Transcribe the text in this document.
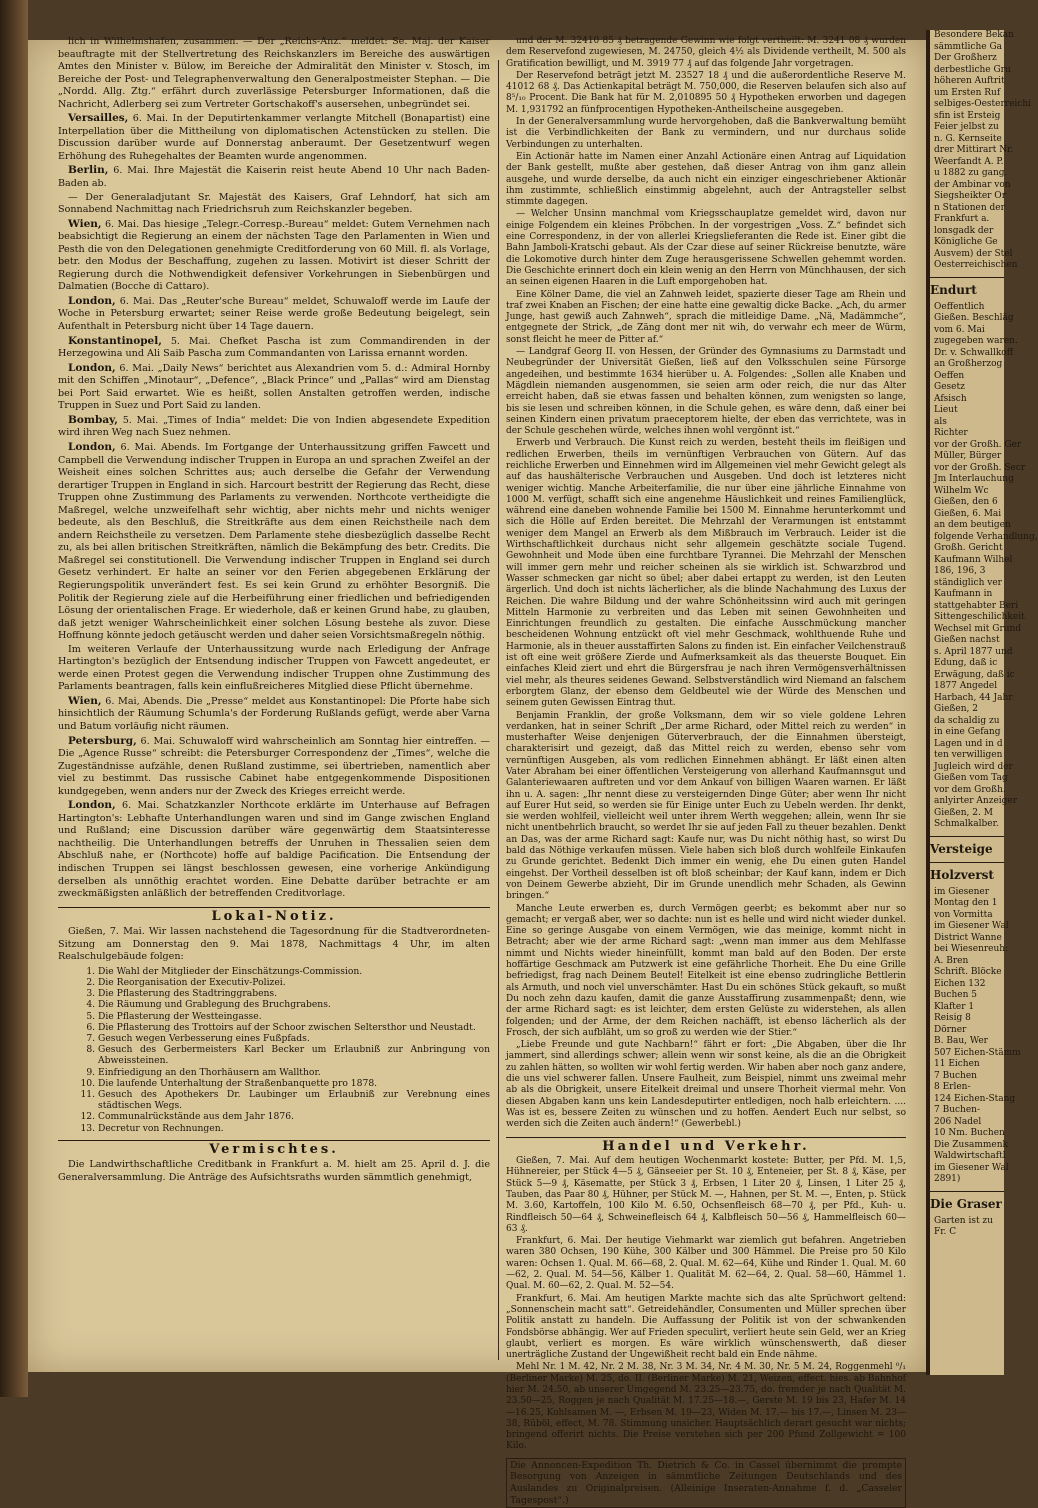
lich in Wilhelmshafen, zusammen. — Der „Reichs-Anz.“ meldet: Se. Maj. der Kaiser beauftragte mit der Stellvertretung des Reichskanzlers im Bereiche des auswärtigen Amtes den Minister v. Bülow, im Bereiche der Admiralität den Minister v. Stosch, im Bereiche der Post- und Telegraphenverwaltung den Generalpostmeister Stephan. — Die „Nordd. Allg. Ztg.“ erfährt durch zuverlässige Petersburger Informationen, daß die Nachricht, Adlerberg sei zum Vertreter Gortschakoff's ausersehen, unbegründet sei.

Versailles, 6. Mai. In der Deputirtenkammer verlangte Mitchell (Bonapartist) eine Interpellation über die Mittheilung von diplomatischen Actenstücken zu stellen. Die Discussion darüber wurde auf Donnerstag anberaumt. Der Gesetzentwurf wegen Erhöhung des Ruhegehaltes der Beamten wurde angenommen.

Berlin, 6. Mai. Ihre Majestät die Kaiserin reist heute Abend 10 Uhr nach Baden-Baden ab.

— Der Generaladjutant Sr. Majestät des Kaisers, Graf Lehndorf, hat sich am Sonnabend Nachmittag nach Friedrichsruh zum Reichskanzler begeben.

Wien, 6. Mai. Das hiesige „Telegr.-Corresp.-Bureau“ meldet: Gutem Vernehmen nach beabsichtigt die Regierung an einem der nächsten Tage den Parlamenten in Wien und Pesth die von den Delegationen genehmigte Creditforderung von 60 Mill. fl. als Vorlage, betr. den Modus der Beschaffung, zugehen zu lassen. Motivirt ist dieser Schritt der Regierung durch die Nothwendigkeit defensiver Vorkehrungen in Siebenbürgen und Dalmatien (Bocche di Cattaro).

London, 6. Mai. Das „Reuter'sche Bureau“ meldet, Schuwaloff werde im Laufe der Woche in Petersburg erwartet; seiner Reise werde große Bedeutung beigelegt, sein Aufenthalt in Petersburg nicht über 14 Tage dauern.

Konstantinopel, 5. Mai. Chefket Pascha ist zum Commandirenden in der Herzegowina und Ali Saib Pascha zum Commandanten von Larissa ernannt worden.

London, 6. Mai. „Daily News“ berichtet aus Alexandrien vom 5. d.: Admiral Hornby mit den Schiffen „Minotaur“, „Defence“, „Black Prince“ und „Pallas“ wird am Dienstag bei Port Said erwartet. Wie es heißt, sollen Anstalten getroffen werden, indische Truppen in Suez und Port Said zu landen.

Bombay, 5. Mai. „Times of India“ meldet: Die von Indien abgesendete Expedition wird ihren Weg nach Suez nehmen.

London, 6. Mai. Abends. Im Fortgange der Unterhaussitzung griffen Fawcett und Campbell die Verwendung indischer Truppen in Europa an und sprachen Zweifel an der Weisheit eines solchen Schrittes aus; auch derselbe die Gefahr der Verwendung derartiger Truppen in England in sich. Harcourt bestritt der Regierung das Recht, diese Truppen ohne Zustimmung des Parlaments zu verwenden. Northcote vertheidigte die Maßregel, welche unzweifelhaft sehr wichtig, aber nichts mehr und nichts weniger bedeute, als den Beschluß, die Streitkräfte aus dem einen Reichstheile nach dem andern Reichstheile zu versetzen. Dem Parlamente stehe diesbezüglich dasselbe Recht zu, als bei allen britischen Streitkräften, nämlich die Bekämpfung des betr. Credits. Die Maßregel sei constitutionell. Die Verwendung indischer Truppen in England sei durch Gesetz verhindert. Er halte an seiner vor den Ferien abgegebenen Erklärung der Regierungspolitik unverändert fest. Es sei kein Grund zu erhöhter Besorgniß. Die Politik der Regierung ziele auf die Herbeiführung einer friedlichen und befriedigenden Lösung der orientalischen Frage. Er wiederhole, daß er keinen Grund habe, zu glauben, daß jetzt weniger Wahrscheinlichkeit einer solchen Lösung bestehe als zuvor. Diese Hoffnung könnte jedoch getäuscht werden und daher seien Vorsichtsmaßregeln nöthig.

Im weiteren Verlaufe der Unterhaussitzung wurde nach Erledigung der Anfrage Hartington's bezüglich der Entsendung indischer Truppen von Fawcett angedeutet, er werde einen Protest gegen die Verwendung indischer Truppen ohne Zustimmung des Parlaments beantragen, falls kein einflußreicheres Mitglied diese Pflicht übernehme.

Wien, 6. Mai, Abends. Die „Presse“ meldet aus Konstantinopel: Die Pforte habe sich hinsichtlich der Räumung Schumla's der Forderung Rußlands gefügt, werde aber Varna und Batum vorläufig nicht räumen.

Petersburg, 6. Mai. Schuwaloff wird wahrscheinlich am Sonntag hier eintreffen. — Die „Agence Russe“ schreibt: die Petersburger Correspondenz der „Times“, welche die Zugeständnisse aufzähle, denen Rußland zustimme, sei übertrieben, namentlich aber viel zu bestimmt. Das russische Cabinet habe entgegenkommende Dispositionen kundgegeben, wenn anders nur der Zweck des Krieges erreicht werde.

London, 6. Mai. Schatzkanzler Northcote erklärte im Unterhause auf Befragen Hartington's: Lebhafte Unterhandlungen waren und sind im Gange zwischen England und Rußland; eine Discussion darüber wäre gegenwärtig dem Staatsinteresse nachtheilig. Die Unterhandlungen betreffs der Unruhen in Thessalien seien dem Abschluß nahe, er (Northcote) hoffe auf baldige Pacification. Die Entsendung der indischen Truppen sei längst beschlossen gewesen, eine vorherige Ankündigung derselben als unnöthig erachtet worden. Eine Debatte darüber betrachte er am zweckmäßigsten anläßlich der betreffenden Creditvorlage.

Lokal-Notiz.

Gießen, 7. Mai. Wir lassen nachstehend die Tagesordnung für die Stadtverordneten-Sitzung am Donnerstag den 9. Mai 1878, Nachmittags 4 Uhr, im alten Realschulgebäude folgen:

1. Die Wahl der Mitglieder der Einschätzungs-Commission.
2. Die Reorganisation der Executiv-Polizei.
3. Die Pflasterung des Stadtringgrabens.
4. Die Räumung und Grablegung des Bruchgrabens.
5. Die Pflasterung der Westteingasse.
6. Die Pflasterung des Trottoirs auf der Schoor zwischen Seltersthor und Neustadt.
7. Gesuch wegen Verbesserung eines Fußpfads.
8. Gesuch des Gerbermeisters Karl Becker um Erlaubniß zur Anbringung von Abweissteinen.
9. Einfriedigung an den Thorhäusern am Wallthor.
10. Die laufende Unterhaltung der Straßenbanquette pro 1878.
11. Gesuch des Apothekers Dr. Laubinger um Erlaubniß zur Verebnung eines städtischen Wegs.
12. Communalrückstände aus dem Jahr 1876.
13. Decretur von Rechnungen.
Vermischtes.

Die Landwirthschaftliche Creditbank in Frankfurt a. M. hielt am 25. April d. J. die Generalversammlung. Die Anträge des Aufsichtsraths wurden sämmtlich genehmigt,

und der M. 32410 85 ₰ betragende Gewinn wie folgt vertheilt: M. 3241 08 ₰ wurden dem Reservefond zugewiesen, M. 24750, gleich 4½ als Dividende vertheilt, M. 500 als Gratification bewilligt, und M. 3919 77 ₰ auf das folgende Jahr vorgetragen.

Der Reservefond beträgt jetzt M. 23527 18 ₰ und die außerordentliche Reserve M. 41012 68 ₰. Das Actienkapital beträgt M. 750,000, die Reserven belaufen sich also auf 8⁵/₁₀ Procent. Die Bank hat für M. 2,010895 50 ₰ Hypotheken erworben und dagegen M. 1,931792 an fünfprocentigen Hypotheken-Antheilscheine ausgegeben.

In der Generalversammlung wurde hervorgehoben, daß die Bankverwaltung bemüht ist die Verbindlichkeiten der Bank zu vermindern, und nur durchaus solide Verbindungen zu unterhalten.

Ein Actionär hatte im Namen einer Anzahl Actionäre einen Antrag auf Liquidation der Bank gestellt, mußte aber gestehen, daß dieser Antrag von ihm ganz allein ausgehe, und wurde derselbe, da auch nicht ein einziger eingeschriebener Aktionär ihm zustimmte, schließlich einstimmig abgelehnt, auch der Antragsteller selbst stimmte dagegen.

— Welcher Unsinn manchmal vom Kriegsschauplatze gemeldet wird, davon nur einige Folgendem ein kleines Pröbchen. In der vorgestrigen „Voss. Z.“ befindet sich eine Correspondenz, in der von allerlei Kriegslieferanten die Rede ist. Einer gibt die Bahn Jamboli-Kratschi gebaut. Als der Czar diese auf seiner Rückreise benutzte, wäre die Lokomotive durch hinter dem Zuge herausgerissene Schwellen gehemmt worden. Die Geschichte erinnert doch ein klein wenig an den Herrn von Münchhausen, der sich an seinen eigenen Haaren in die Luft emporgehoben hat.

Eine Kölner Dame, die viel an Zahnweh leidet, spazierte dieser Tage am Rhein und traf zwei Knaben an Fischen; der eine hatte eine gewaltig dicke Backe. „Ach, du armer Junge, hast gewiß auch Zahnweh“, sprach die mitleidige Dame. „Nä, Madämmche“, entgegnete der Strick, „de Zäng dont mer nit wih, do verwahr ech meer de Würm, sonst fleicht he meer de Pitter af.“

— Landgraf Georg II. von Hessen, der Gründer des Gymnasiums zu Darmstadt und Neubegründer der Universität Gießen, ließ auf den Volksschulen seine Fürsorge angedeihen, und bestimmte 1634 hierüber u. A. Folgendes: „Sollen alle Knaben und Mägdlein niemanden ausgenommen, sie seien arm oder reich, die nur das Alter erreicht haben, daß sie etwas fassen und behalten können, zum wenigsten so lange, bis sie lesen und schreiben können, in die Schule gehen, es wäre denn, daß einer bei seinen Kindern einen privatum praeceptorem hielte, der eben das verrichtete, was in der Schule geschehen würde, welches ihnen wohl vergönnt ist.“

Erwerb und Verbrauch. Die Kunst reich zu werden, besteht theils im fleißigen und redlichen Erwerben, theils im vernünftigen Verbrauchen von Gütern. Auf das reichliche Erwerben und Einnehmen wird im Allgemeinen viel mehr Gewicht gelegt als auf das haushälterische Verbrauchen und Ausgeben. Und doch ist letzteres nicht weniger wichtig. Manche Arbeiterfamilie, die nur über eine jährliche Einnahme von 1000 M. verfügt, schafft sich eine angenehme Häuslichkeit und reines Familienglück, während eine daneben wohnende Familie bei 1500 M. Einnahme herunterkommt und sich die Hölle auf Erden bereitet. Die Mehrzahl der Verarmungen ist entstammt weniger dem Mangel an Erwerb als dem Mißbrauch im Verbrauch. Leider ist die Wirthschaftlichkeit durchaus nicht sehr allgemein geschätzte sociale Tugend. Gewohnheit und Mode üben eine furchtbare Tyrannei. Die Mehrzahl der Menschen will immer gern mehr und reicher scheinen als sie wirklich ist. Schwarzbrod und Wasser schmecken gar nicht so übel; aber dabei ertappt zu werden, ist den Leuten ärgerlich. Und doch ist nichts lächerlicher, als die blinde Nachahmung des Luxus der Reichen. Die wahre Bildung und der wahre Schönheitssinn wird auch mit geringen Mitteln Harmonie zu verbreiten und das Leben mit seinen Gewohnheiten und Einrichtungen freundlich zu gestalten. Die einfache Ausschmückung mancher bescheidenen Wohnung entzückt oft viel mehr Geschmack, wohlthuende Ruhe und Harmonie, als in theuer ausstaffirten Salons zu finden ist. Ein einfacher Veilchenstrauß ist oft eine weit größere Zierde und Aufmerksamkeit als das theuerste Bouquet. Ein einfaches Kleid ziert und ehrt die Bürgersfrau je nach ihren Vermögensverhältnissen viel mehr, als theures seidenes Gewand. Selbstverständlich wird Niemand an falschem erborgtem Glanz, der ebenso dem Geldbeutel wie der Würde des Menschen und seinem guten Gewissen Eintrag thut.

Benjamin Franklin, der große Volksmann, dem wir so viele goldene Lehren verdanken, hat in seiner Schrift „Der arme Richard, oder Mittel reich zu werden“ in musterhafter Weise denjenigen Güterverbrauch, der die Einnahmen übersteigt, charakterisirt und gezeigt, daß das Mittel reich zu werden, ebenso sehr vom vernünftigen Ausgeben, als vom redlichen Einnehmen abhängt. Er läßt einen alten Vater Abraham bei einer öffentlichen Versteigerung von allerhand Kaufmannsgut und Galanteriewaaren auftreten und vor dem Ankauf von billigen Waaren warnen. Er läßt ihn u. A. sagen: „Ihr nennt diese zu versteigernden Dinge Güter; aber wenn Ihr nicht auf Eurer Hut seid, so werden sie für Einige unter Euch zu Uebeln werden. Ihr denkt, sie werden wohlfeil, vielleicht weil unter ihrem Werth weggehen; allein, wenn Ihr sie nicht unentbehrlich braucht, so werdet Ihr sie auf jeden Fall zu theuer bezahlen. Denkt an Das, was der arme Richard sagt: Kaufe nur, was Du nicht nöthig hast, so wirst Du bald das Nöthige verkaufen müssen. Viele haben sich bloß durch wohlfeile Einkaufen zu Grunde gerichtet. Bedenkt Dich immer ein wenig, ehe Du einen guten Handel eingehst. Der Vortheil desselben ist oft bloß scheinbar; der Kauf kann, indem er Dich von Deinem Gewerbe abzieht, Dir im Grunde unendlich mehr Schaden, als Gewinn bringen.“

Manche Leute erwerben es, durch Vermögen geerbt; es bekommt aber nur so gemacht; er vergaß aber, wer so dachte: nun ist es helle und wird nicht wieder dunkel. Eine so geringe Ausgabe von einem Vermögen, wie das meinige, kommt nicht in Betracht; aber wie der arme Richard sagt: „wenn man immer aus dem Mehlfasse nimmt und Nichts wieder hineinfüllt, kommt man bald auf den Boden. Der erste hoffärtige Geschmack am Putzwerk ist eine gefährliche Thorheit. Ehe Du eine Grille befriedigst, frag nach Deinem Beutel! Eitelkeit ist eine ebenso zudringliche Bettlerin als Armuth, und noch viel unverschämter. Hast Du ein schönes Stück gekauft, so mußt Du noch zehn dazu kaufen, damit die ganze Ausstaffirung zusammenpaßt; denn, wie der arme Richard sagt: es ist leichter, dem ersten Gelüste zu widerstehen, als allen folgenden; und der Arme, der dem Reichen nachäfft, ist ebenso lächerlich als der Frosch, der sich aufbläht, um so groß zu werden wie der Stier.“

„Liebe Freunde und gute Nachbarn!“ fährt er fort: „Die Abgaben, über die Ihr jammert, sind allerdings schwer; allein wenn wir sonst keine, als die an die Obrigkeit zu zahlen hätten, so wollten wir wohl fertig werden. Wir haben aber noch ganz andere, die uns viel schwerer fallen. Unsere Faulheit, zum Beispiel, nimmt uns zweimal mehr ab als die Obrigkeit, unsere Eitelkeit dreimal und unsere Thorheit viermal mehr. Von diesen Abgaben kann uns kein Landesdeputirter entledigen, noch halb erleichtern. .... Was ist es, bessere Zeiten zu wünschen und zu hoffen. Aendert Euch nur selbst, so werden sich die Zeiten auch ändern!“ (Gewerbebl.)

Handel und Verkehr.

Gießen, 7. Mai. Auf dem heutigen Wochenmarkt kostete: Butter, per Pfd. M. 1,5, Hühnereier, per Stück 4—5 ₰, Gänseeier per St. 10 ₰, Enteneier, per St. 8 ₰, Käse, per Stück 5—9 ₰, Käsematte, per Stück 3 ₰, Erbsen, 1 Liter 20 ₰, Linsen, 1 Liter 25 ₰, Tauben, das Paar 80 ₰, Hühner, per Stück M. —, Hahnen, per St. M. —, Enten, p. Stück M. 3.60, Kartoffeln, 100 Kilo M. 6.50, Ochsenfleisch 68—70 ₰, per Pfd., Kuh- u. Rindfleisch 50—64 ₰, Schweinefleisch 64 ₰, Kalbfleisch 50—56 ₰, Hammelfleisch 60—63 ₰.

Frankfurt, 6. Mai. Der heutige Viehmarkt war ziemlich gut befahren. Angetrieben waren 380 Ochsen, 190 Kühe, 300 Kälber und 300 Hämmel. Die Preise pro 50 Kilo waren: Ochsen 1. Qual. M. 66—68, 2. Qual. M. 62—64, Kühe und Rinder 1. Qual. M. 60—62, 2. Qual. M. 54—56, Kälber 1. Qualität M. 62—64, 2. Qual. 58—60, Hämmel 1. Qual. M. 60—62, 2. Qual. M. 52—54.

Frankfurt, 6. Mai. Am heutigen Markte machte sich das alte Sprüchwort geltend: „Sonnenschein macht satt“. Getreidehändler, Consumenten und Müller sprechen über Politik anstatt zu handeln. Die Auffassung der Politik ist von der schwankenden Fondsbörse abhängig. Wer auf Frieden speculirt, verliert heute sein Geld, wer an Krieg glaubt, verliert es morgen. Es wäre wirklich wünschenswerth, daß dieser unerträgliche Zustand der Ungewißheit recht bald ein Ende nähme.

Mehl Nr. 1 M. 42, Nr. 2 M. 38, Nr. 3 M. 34, Nr. 4 M. 30, Nr. 5 M. 24, Roggenmehl ⁰/₁ (Berliner Marke) M. 25, do. II. (Berliner Marke) M. 21, Weizen, effect. hies. ab Bahnhof hier M. 24.50, ab unserer Umgegend M. 23.25—23.75, do. fremder je nach Qualität M. 23.50—25, Roggen je nach Qualität M. 17.25—18.—, Gerste M. 19 bis 23, Hafer M. 14—16.25, Kohlsamen M. —, Erbsen M. 19—23, Widen M. 17.— bis 17.—, Linsen M. 23—38, Rüböl, effect, M. 78. Stimmung unsicher. Hauptsächlich derart gesucht war nichts; bringend offerirt nichts. Die Preise verstehen sich per 200 Pfund Zollgewicht = 100 Kilo.

Die Annoncen-Expedition Th. Dietrich & Co. in Cassel übernimmt die prompte Besorgung von Anzeigen in sämmtliche Zeitungen Deutschlands und des Auslandes zu Originalpreisen. (Alleinige Inseraten-Annahme f. d. „Casseler Tagespost“.)
Besondere Bekan
sämmtliche Ga
Der Großherz
derbestliche Gru
höheren Auftrit
um Ersten Ruf
selbiges-Oesterreichi
sfin ist Ersteig
Feier jelbst zu
n. G. Kernseite
drer Mittirart Nr.
Weerfandt A. P.
u 1882 zu gang.
der Ambinar von
Siegsheikter Or
n Stationen der
Frankfurt a.
lonsgadk der
Königliche Ge
Ausvem) der Stel
Oesterreichischen
Endurt
Oeffentlich
Gießen. Beschläg
vom 6. Mai
zugegeben waren.
Dr. v. Schwallkoff
an Großherzog
Oeffen
Gesetz
Afsisch
Lieut
als
Richter
vor der Großh. Ger
Müller, Bürger
vor der Großh. Secr
Jm Interlauchung
Wilhelm Wc
Gießen, den 6
Gießen, 6. Mai
an dem beutigen
folgende Verhandlung,
Großh. Gericht
Kaufmann Wilhel
186, 196, 3
ständiglich ver
Kaufmann in
stattgehabter Beri
Sittengeschilichkeit
Wechsel mit Grund
Gießen nachst
s. April 1877 und
Edung, daß ic
Erwägung, daß ic
1877 Angedel
Harbach, 44 Jahr
Gießen, 2
da schaldig zu
in eine Gefang
Lagen und in d
ten verwilligen
Jugleich wird der
Gießen vom Tag
vor dem Großh.
anlyirter Anzeiger
Gießen, 2. M
Schmalkalber.
Versteige
Holzverst
im Giesener
Montag den 1
von Vormitta
im Giesener Wal
District Wanne
bei Wiesenreuh:
A. Bren
Schrift. Blöcke
Eichen 132
Buchen 5
Klafter 1
Reisig 8
Dörner
B. Bau, Wer
507 Eichen-Stämm
11 Eichen
7 Buchen
8 Erlen-
124 Eichen-Stang
7 Buchen-
206 Nadel
10 Nm. Buchen
Die Zusammenk
Waldwirtschaftl
im Giesener Wal
2891)
Die Graser
Garten ist zu
Fr. C
